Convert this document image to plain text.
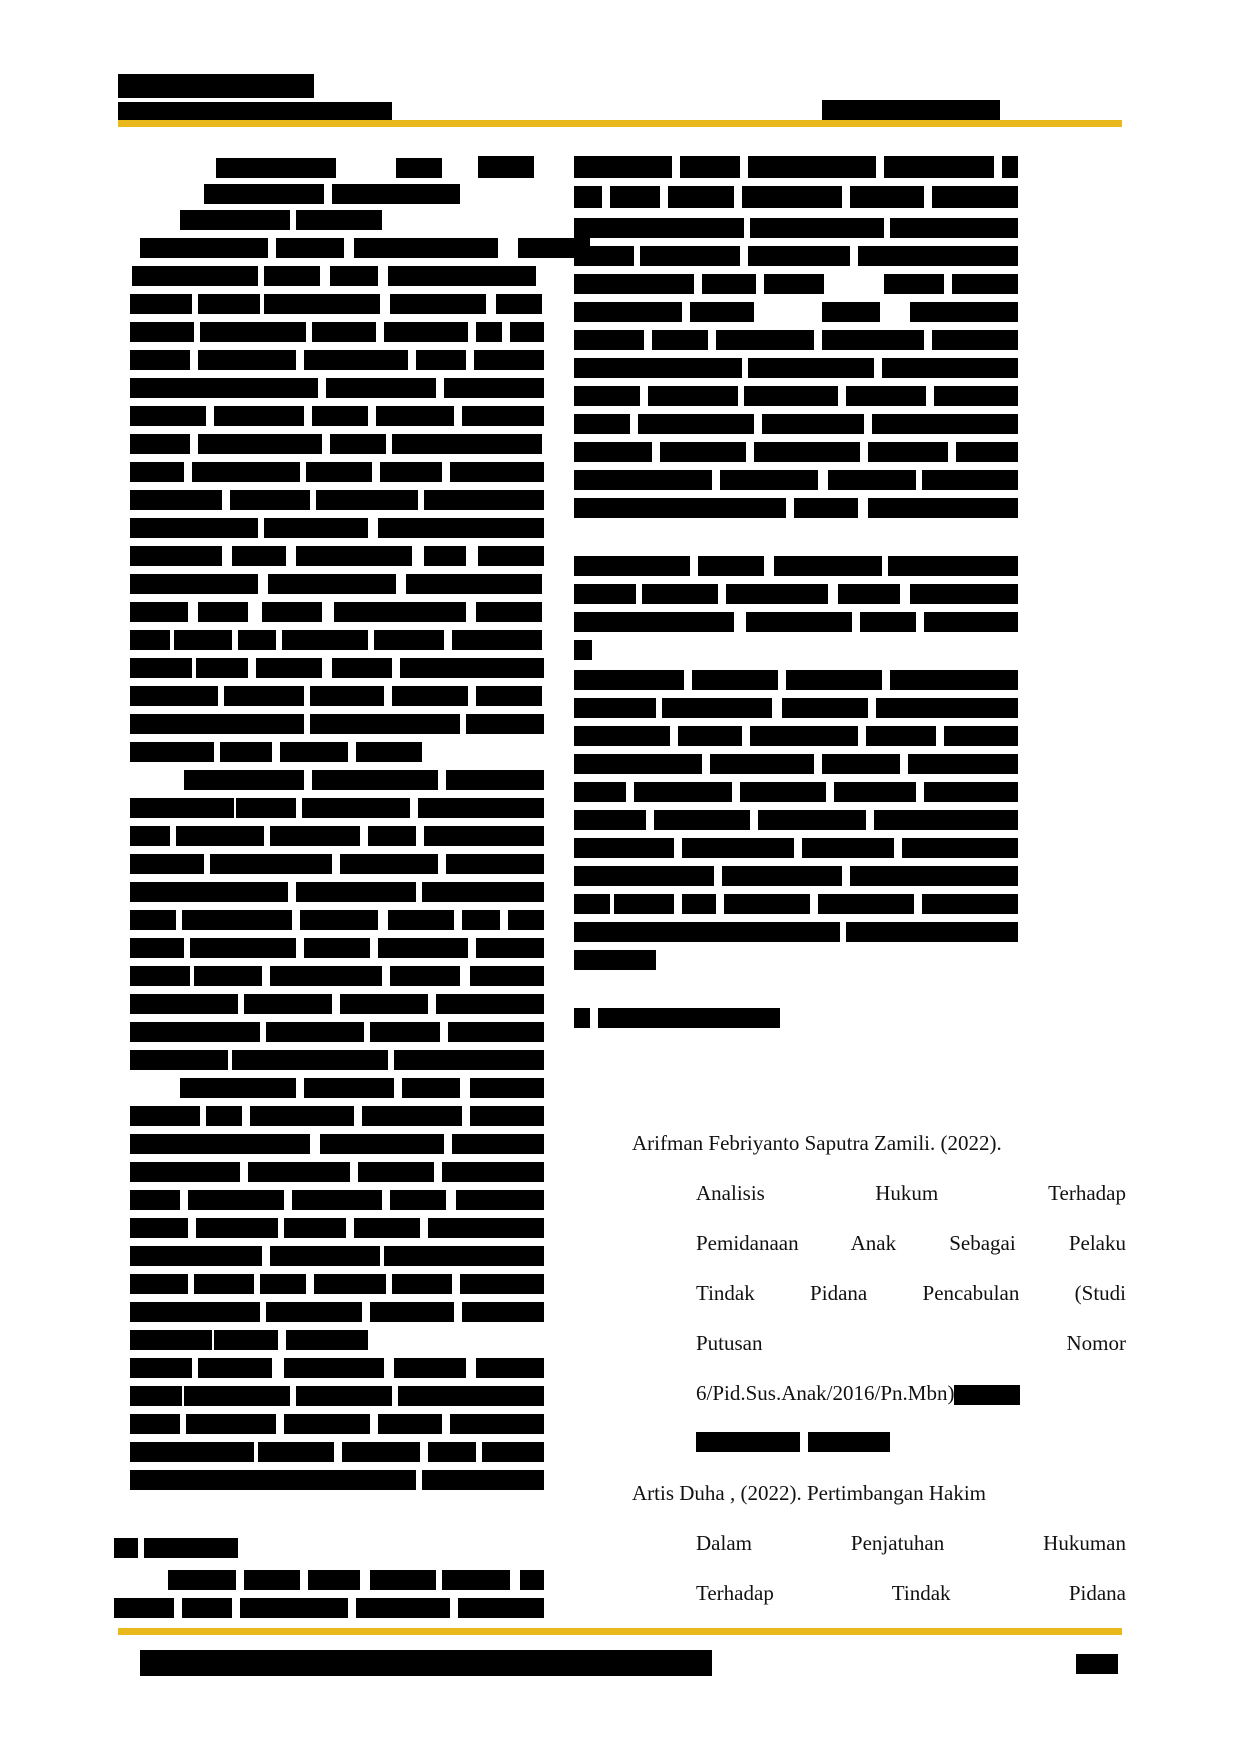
Arifman Febriyanto Saputra Zamili. (2022).
Analisis Hukum Terhadap
Pemidanaan Anak Sebagai Pelaku
Tindak Pidana Pencabulan (Studi
Putusan Nomor
6/Pid.Sus.Anak/2016/Pn.Mbn)
Artis Duha , (2022). Pertimbangan Hakim
Dalam Penjatuhan Hukuman
Terhadap Tindak Pidana
